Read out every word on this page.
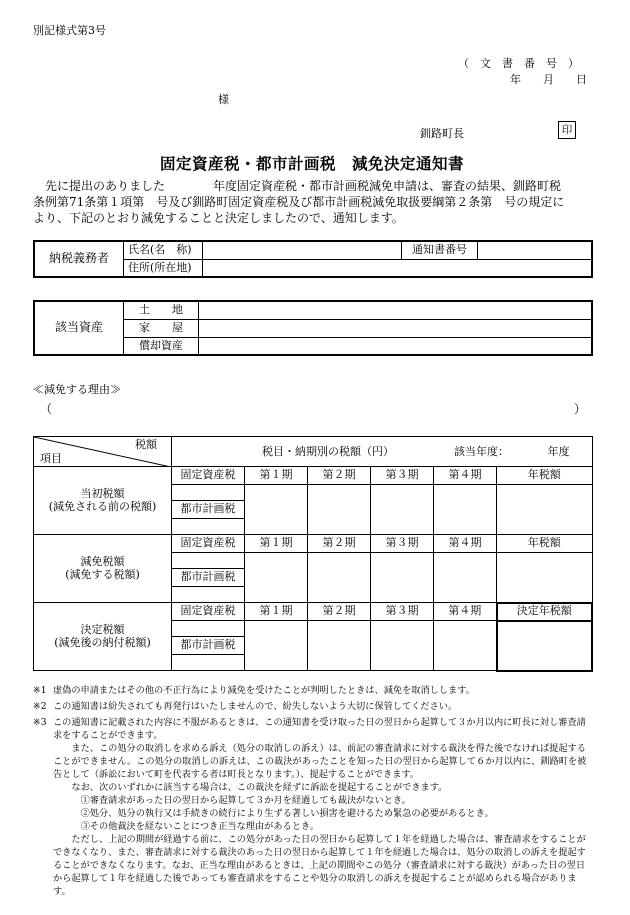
別記様式第3号
（　文　書　番　号　）
年　　月　　日
様
釧路町長	印
固定資産税・都市計画税　減免決定通知書
　先に提出のありました　　　　年度固定資産税・都市計画税減免申請は、審査の結果、釧路町税
条例第71条第１項第　号及び釧路町固定資産税及び都市計画税減免取扱要綱第２条第　号の規定に
より、下記のとおり減免することと決定しましたので、通知します。
納税義務者	氏名(名　称)		通知書番号	
	住所(所在地)			
該当資産	土　　地	
	家　　屋	
	償却資産	
≪減免する理由≫
（	）
税額
項目	税目・納期別の税額（円） 該当年度：　　　　年度					

当初税額
(減免される前の税額)	固定資産税	第１期	第２期	第３期	第４期	年税額

	都市計画税					

減免税額
(減免する税額)	固定資産税	第１期	第２期	第３期	第４期	年税額

	都市計画税					

決定税額
(減免後の納付税額)	固定資産税	第１期	第２期	第３期	第４期	決定年税額

	都市計画税					

※1 虚偽の申請またはその他の不正行為により減免を受けたことが判明したときは、減免を取消しします。
※2 この通知書は紛失されても再発行はいたしませんので、紛失しないよう大切に保管してください。
※3 この通知書に記載された内容に不服があるときは、この通知書を受け取った日の翌日から起算して３か月以内に町長に対し審査請求をすることができます。
また、この処分の取消しを求める訴え（処分の取消しの訴え）は、前記の審査請求に対する裁決を得た後でなければ提起することができません。この処分の取消しの訴えは、この裁決があったことを知った日の翌日から起算して６か月以内に、釧路町を被告として（訴訟において町を代表する者は町長となります。）、提起することができます。
なお、次のいずれかに該当する場合は、この裁決を経ずに訴訟を提起することができます。
①審査請求があった日の翌日から起算して３か月を経過しても裁決がないとき。
②処分、処分の執行又は手続きの続行により生ずる著しい損害を避けるため緊急の必要があるとき。
③その他裁決を経ないことにつき正当な理由があるとき。
ただし、上記の期間が経過する前に、この処分があった日の翌日から起算して１年を経過した場合は、審査請求をすることができなくなり、また、審査請求に対する裁決のあった日の翌日から起算して１年を経過した場合は、処分の取消しの訴えを提起することができなくなります。なお、正当な理由があるときは、上記の期間やこの処分（審査請求に対する裁決）があった日の翌日から起算して１年を経過した後であっても審査請求をすることや処分の取消しの訴えを提起することが認められる場合があります。
